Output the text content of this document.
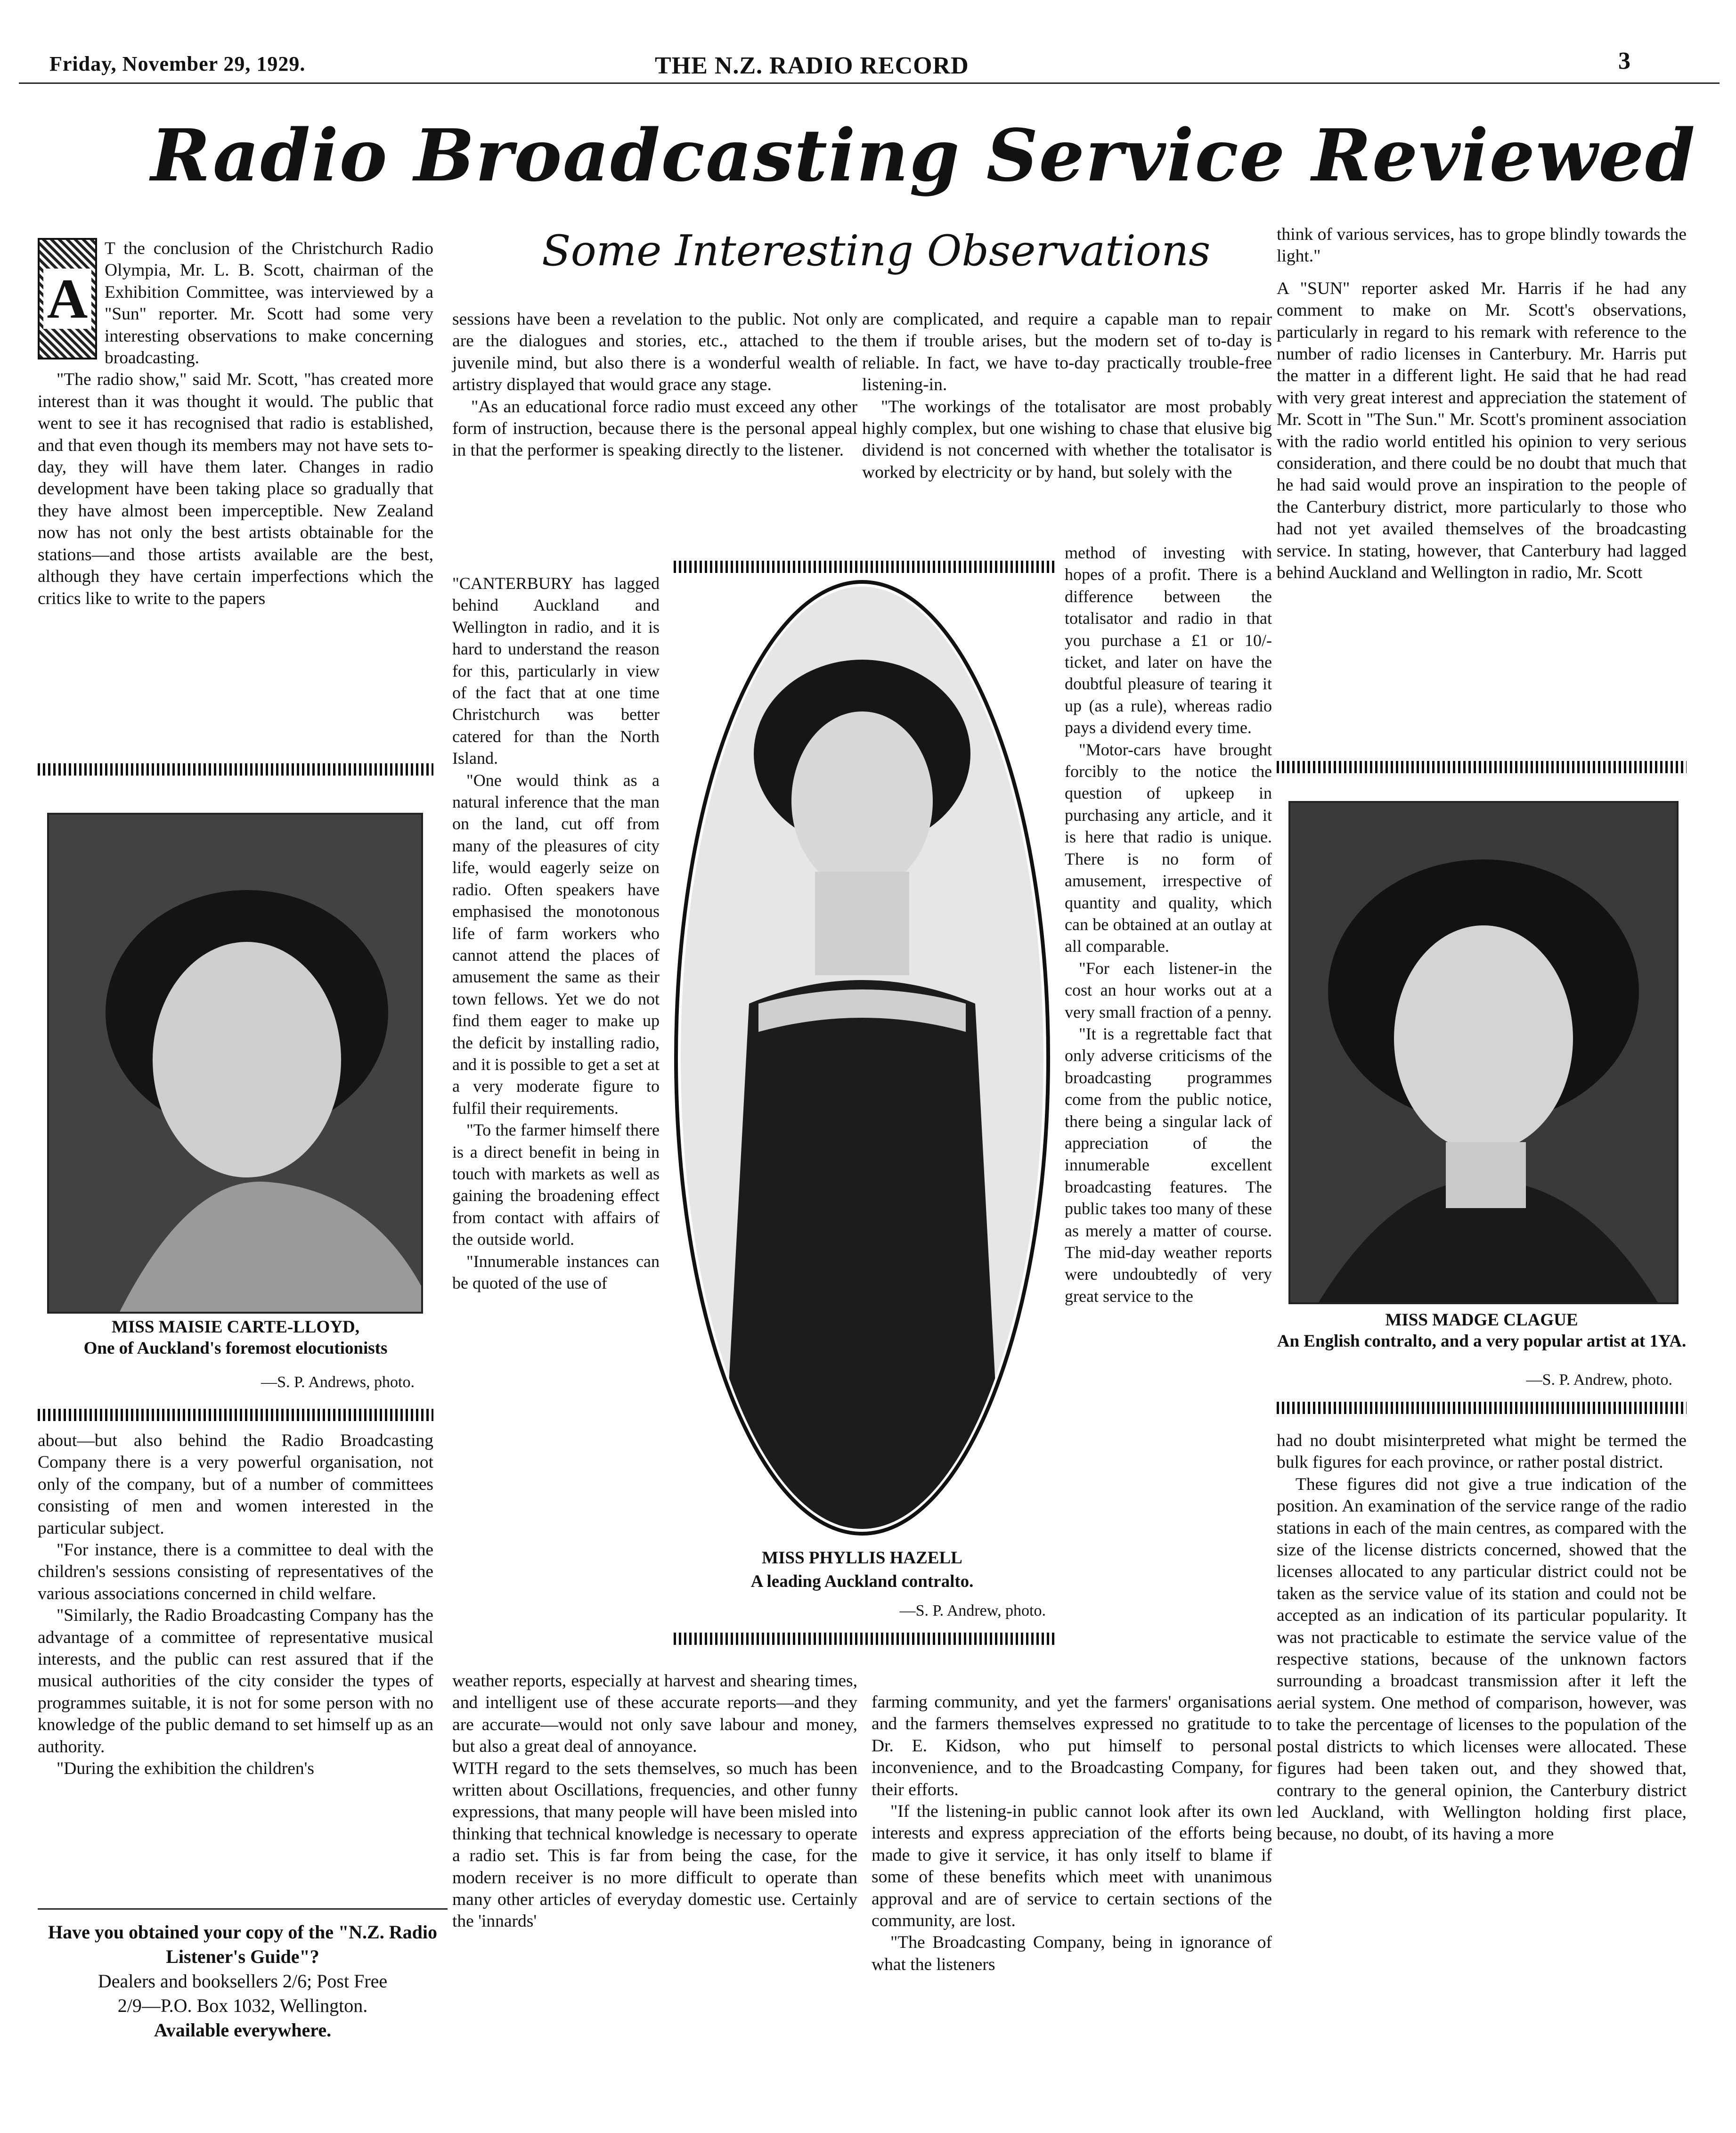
Friday, November 29, 1929.	THE N.Z. RADIO RECORD	3
Radio Broadcasting Service Reviewed
Some Interesting Observations
A

T the conclusion of the Christchurch Radio Olympia, Mr. L. B. Scott, chairman of the Exhibition Committee, was interviewed by a "Sun" reporter. Mr. Scott had some very interesting observations to make concerning broadcasting.

"The radio show," said Mr. Scott, "has created more interest than it was thought it would. The public that went to see it has recognised that radio is established, and that even though its members may not have sets to-day, they will have them later. Changes in radio development have been taking place so gradually that they have almost been imperceptible. New Zealand now has not only the best artists obtainable for the stations—and those artists available are the best, although they have certain imperfections which the critics like to write to the papers

MISS MAISIE CARTE-LLOYD,
One of Auckland's foremost elocutionists
—S. P. Andrews, photo.

about—but also behind the Radio Broadcasting Company there is a very powerful organisation, not only of the company, but of a number of committees consisting of men and women interested in the particular subject.

"For instance, there is a committee to deal with the children's sessions consisting of representatives of the various associations concerned in child welfare.

"Similarly, the Radio Broadcasting Company has the advantage of a committee of representative musical interests, and the public can rest assured that if the musical authorities of the city consider the types of programmes suitable, it is not for some person with no knowledge of the public demand to set himself up as an authority.

"During the exhibition the children's

Have you obtained your copy of the "N.Z. Radio Listener's Guide"?
Dealers and booksellers 2/6; Post Free
2/9—P.O. Box 1032, Wellington.
Available everywhere.

sessions have been a revelation to the public. Not only are the dialogues and stories, etc., attached to the juvenile mind, but also there is a wonderful wealth of artistry displayed that would grace any stage.

"As an educational force radio must exceed any other form of instruction, because there is the personal appeal in that the performer is speaking directly to the listener.

are complicated, and require a capable man to repair them if trouble arises, but the modern set of to-day is reliable. In fact, we have to-day practically trouble-free listening-in.

"The workings of the totalisator are most probably highly complex, but one wishing to chase that elusive big dividend is not concerned with whether the totalisator is worked by electricity or by hand, but solely with the

"CANTERBURY has lagged behind Auckland and Wellington in radio, and it is hard to understand the reason for this, particularly in view of the fact that at one time Christchurch was better catered for than the North Island.

"One would think as a natural inference that the man on the land, cut off from many of the pleasures of city life, would eagerly seize on radio. Often speakers have emphasised the monotonous life of farm workers who cannot attend the places of amusement the same as their town fellows. Yet we do not find them eager to make up the deficit by installing radio, and it is possible to get a set at a very moderate figure to fulfil their requirements.

"To the farmer himself there is a direct benefit in being in touch with markets as well as gaining the broadening effect from contact with affairs of the outside world.

"Innumerable instances can be quoted of the use of

MISS PHYLLIS HAZELL
A leading Auckland contralto.
—S. P. Andrew, photo.

weather reports, especially at harvest and shearing times, and intelligent use of these accurate reports—and they are accurate—would not only save labour and money, but also a great deal of annoyance.

WITH regard to the sets themselves, so much has been written about Oscillations, frequencies, and other funny expressions, that many people will have been misled into thinking that technical knowledge is necessary to operate a radio set. This is far from being the case, for the modern receiver is no more difficult to operate than many other articles of everyday domestic use. Certainly the 'innards'

farming community, and yet the farmers' organisations and the farmers themselves expressed no gratitude to Dr. E. Kidson, who put himself to personal inconvenience, and to the Broadcasting Company, for their efforts.

"If the listening-in public cannot look after its own interests and express appreciation of the efforts being made to give it service, it has only itself to blame if some of these benefits which meet with unanimous approval and are of service to certain sections of the community, are lost.

"The Broadcasting Company, being in ignorance of what the listeners

method of investing with hopes of a profit. There is a difference between the totalisator and radio in that you purchase a £1 or 10/- ticket, and later on have the doubtful pleasure of tearing it up (as a rule), whereas radio pays a dividend every time.

"Motor-cars have brought forcibly to the notice the question of upkeep in purchasing any article, and it is here that radio is unique. There is no form of amusement, irrespective of quantity and quality, which can be obtained at an outlay at all comparable.

"For each listener-in the cost an hour works out at a very small fraction of a penny.

"It is a regrettable fact that only adverse criticisms of the broadcasting programmes come from the public notice, there being a singular lack of appreciation of the innumerable excellent broadcasting features. The public takes too many of these as merely a matter of course. The mid-day weather reports were undoubtedly of very great service to the

think of various services, has to grope blindly towards the light."

A "SUN" reporter asked Mr. Harris if he had any comment to make on Mr. Scott's observations, particularly in regard to his remark with reference to the number of radio licenses in Canterbury. Mr. Harris put the matter in a different light. He said that he had read with very great interest and appreciation the statement of Mr. Scott in "The Sun." Mr. Scott's prominent association with the radio world entitled his opinion to very serious consideration, and there could be no doubt that much that he had said would prove an inspiration to the people of the Canterbury district, more particularly to those who had not yet availed themselves of the broadcasting service. In stating, however, that Canterbury had lagged behind Auckland and Wellington in radio, Mr. Scott

MISS MADGE CLAGUE
An English contralto, and a very popular artist at 1YA.
—S. P. Andrew, photo.

had no doubt misinterpreted what might be termed the bulk figures for each province, or rather postal district.

These figures did not give a true indication of the position. An examination of the service range of the radio stations in each of the main centres, as compared with the size of the license districts concerned, showed that the licenses allocated to any particular district could not be taken as the service value of its station and could not be accepted as an indication of its particular popularity. It was not practicable to estimate the service value of the respective stations, because of the unknown factors surrounding a broadcast transmission after it left the aerial system. One method of comparison, however, was to take the percentage of licenses to the population of the postal districts to which licenses were allocated. These figures had been taken out, and they showed that, contrary to the general opinion, the Canterbury district led Auckland, with Wellington holding first place, because, no doubt, of its having a more
